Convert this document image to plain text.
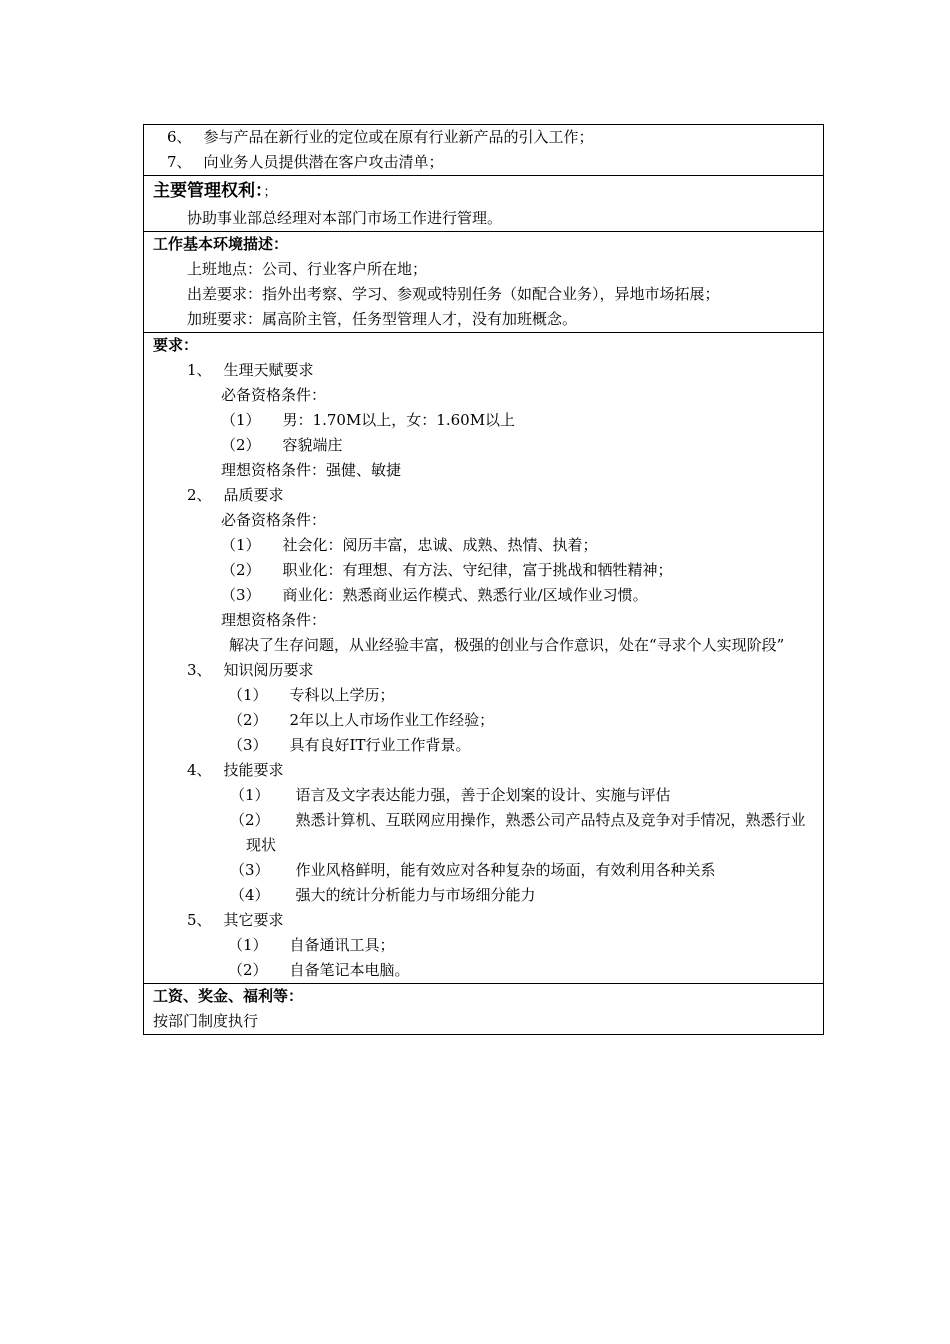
6、 参与产品在新行业的定位或在原有行业新产品的引入工作；
7、 向业务人员提供潜在客户攻击清单；
主要管理权利：；
协助事业部总经理对本部门市场工作进行管理。
工作基本环境描述：
上班地点：公司、行业客户所在地；
出差要求：指外出考察、学习、参观或特别任务（如配合业务），异地市场拓展；
加班要求：属高阶主管，任务型管理人才，没有加班概念。
要求：
1、 生理天赋要求
必备资格条件：
（1） 男：1.70M以上，女：1.60M以上
（2） 容貌端庄
理想资格条件：强健、敏捷
2、 品质要求
必备资格条件：
（1） 社会化：阅历丰富，忠诚、成熟、热情、执着；
（2） 职业化：有理想、有方法、守纪律，富于挑战和牺牲精神；
（3） 商业化：熟悉商业运作模式、熟悉行业/区域作业习惯。
理想资格条件：
解决了生存问题，从业经验丰富，极强的创业与合作意识，处在“寻求个人实现阶段”
3、 知识阅历要求
（1） 专科以上学历；
（2） 2年以上人市场作业工作经验；
（3） 具有良好IT行业工作背景。
4、 技能要求
（1） 语言及文字表达能力强，善于企划案的设计、实施与评估
（2） 熟悉计算机、互联网应用操作，熟悉公司产品特点及竞争对手情况，熟悉行业现状
（3） 作业风格鲜明，能有效应对各种复杂的场面，有效利用各种关系
（4） 强大的统计分析能力与市场细分能力
5、 其它要求
（1） 自备通讯工具；
（2） 自备笔记本电脑。
工资、奖金、福利等：
按部门制度执行
